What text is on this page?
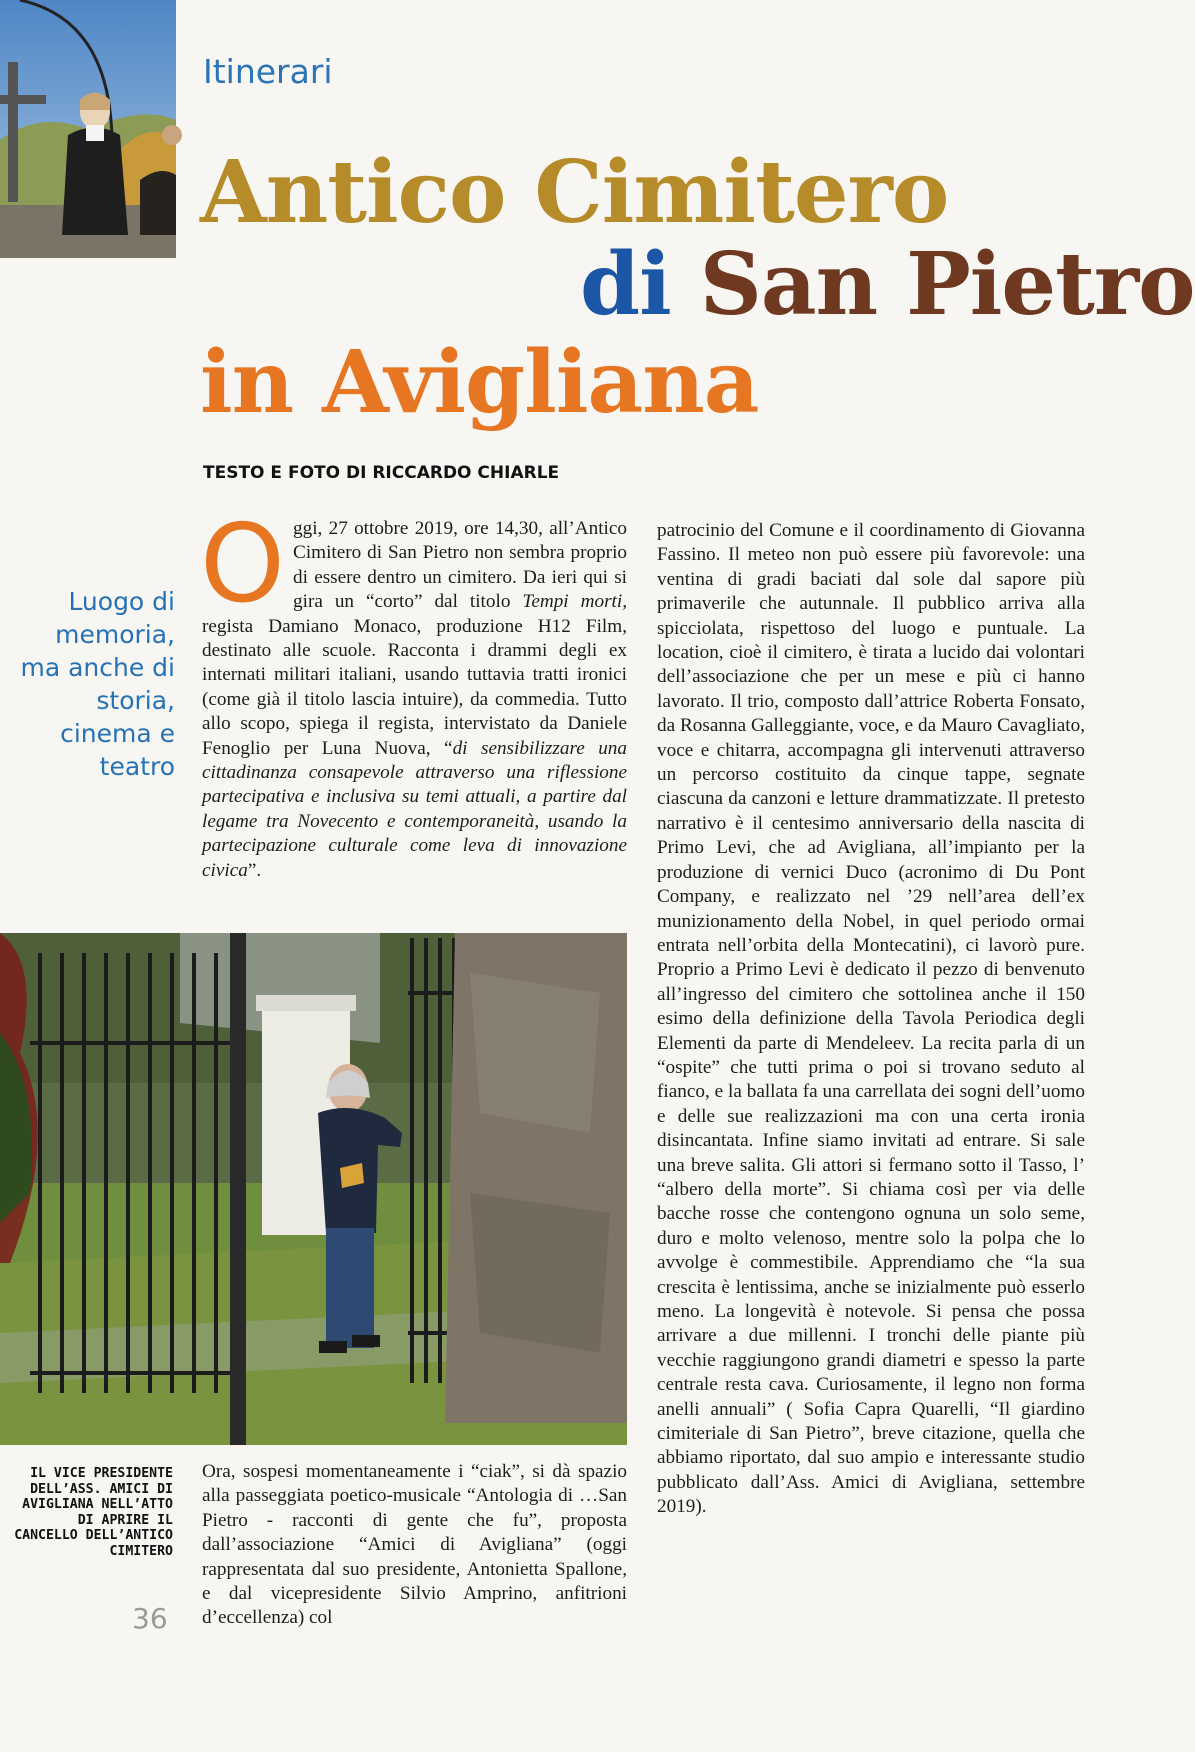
Itinerari
Antico Cimitero
di San Pietro
in Avigliana
TESTO E FOTO DI RICCARDO CHIARLE
Luogo di memoria, ma anche di storia, cinema e teatro
Oggi, 27 ottobre 2019, ore 14,30, all’Antico Cimitero di San Pietro non sembra proprio di essere dentro un cimitero. Da ieri qui si gira un “corto” dal titolo Tempi morti, regista Damiano Monaco, produzione H12 Film, destinato alle scuole. Racconta i drammi degli ex internati militari italiani, usando tuttavia tratti ironici (come già il titolo lascia intuire), da commedia. Tutto allo scopo, spiega il regista, intervistato da Daniele Fenoglio per Luna Nuova, “di sensibilizzare una cittadinanza consapevole attraverso una riflessione partecipativa e inclusiva su temi attuali, a partire dal legame tra Novecento e contemporaneità, usando la partecipazione culturale come leva di innovazione civica”.
Ora, sospesi momentaneamente i “ciak”, si dà spazio alla passeggiata poetico-musicale “Antologia di …San Pietro - racconti di gente che fu”, proposta dall’associazione “Amici di Avigliana” (oggi rappresentata dal suo presidente, Antonietta Spallone, e dal vicepresidente Silvio Amprino, anfitrioni d’eccellenza) col
patrocinio del Comune e il coordinamento di Giovanna Fassino. Il meteo non può essere più favorevole: una ventina di gradi baciati dal sole dal sapore più primaverile che autunnale. Il pubblico arriva alla spicciolata, rispettoso del luogo e puntuale. La location, cioè il cimitero, è tirata a lucido dai volontari dell’associazione che per un mese e più ci hanno lavorato. Il trio, composto dall’attrice Roberta Fonsato, da Rosanna Galleggiante, voce, e da Mauro Cavagliato, voce e chitarra, accompagna gli intervenuti attraverso un percorso costituito da cinque tappe, segnate ciascuna da canzoni e letture drammatizzate. Il pretesto narrativo è il centesimo anniversario della nascita di Primo Levi, che ad Avigliana, all’impianto per la produzione di vernici Duco (acronimo di Du Pont Company, e realizzato nel ’29 nell’area dell’ex munizionamento della Nobel, in quel periodo ormai entrata nell’orbita della Montecatini), ci lavorò pure. Proprio a Primo Levi è dedicato il pezzo di benvenuto all’ingresso del cimitero che sottolinea anche il 150 esimo della definizione della Tavola Periodica degli Elementi da parte di Mendeleev. La recita parla di un “ospite” che tutti prima o poi si trovano seduto al fianco, e la ballata fa una carrellata dei sogni dell’uomo e delle sue realizzazioni ma con una certa ironia disincantata. Infine siamo invitati ad entrare. Si sale una breve salita. Gli attori si fermano sotto il Tasso, l’ “albero della morte”. Si chiama così per via delle bacche rosse che contengono ognuna un solo seme, duro e molto velenoso, mentre solo la polpa che lo avvolge è commestibile. Apprendiamo che “la sua crescita è lentissima, anche se inizialmente può esserlo meno. La longevità è notevole. Si pensa che possa arrivare a due millenni. I tronchi delle piante più vecchie raggiungono grandi diametri e spesso la parte centrale resta cava. Curiosamente, il legno non forma anelli annuali” ( Sofia Capra Quarelli, “Il giardino cimiteriale di San Pietro”, breve citazione, quella che abbiamo riportato, dal suo ampio e interessante studio pubblicato dall’Ass. Amici di Avigliana, settembre 2019).
IL VICE PRESIDENTE DELL’ASS. AMICI DI AVIGLIANA NELL’ATTO DI APRIRE IL CANCELLO DELL’ANTICO CIMITERO
36
